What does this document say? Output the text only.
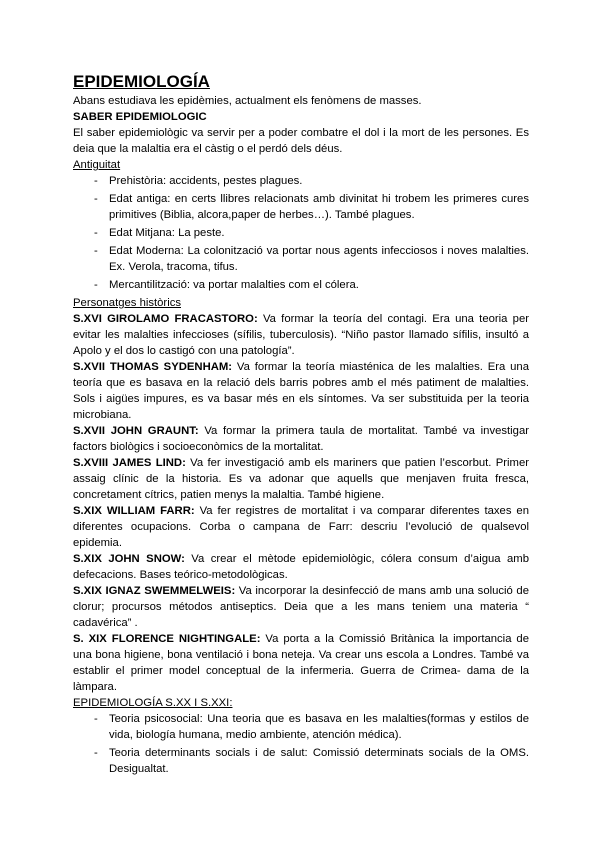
EPIDEMIOLOGÍA

Abans estudiava les epidèmies, actualment els fenòmens de masses.

SABER EPIDEMIOLOGIC

El saber epidemiològic va servir per a poder combatre el dol i la mort de les persones. Es deia que la malaltia era el càstig o el perdó dels déus.

Antiguitat

- Prehistòria: accidents, pestes plagues.
- Edat antiga: en certs llibres relacionats amb divinitat hi trobem les primeres cures primitives (Biblia, alcora,paper de herbes…). També plagues.
- Edat Mitjana: La peste.
- Edat Moderna: La colonització va portar nous agents infecciosos i noves malalties. Ex. Verola, tracoma, tifus.
- Mercantilització: va portar malalties com el cólera.

Personatges històrics

S.XVI GIROLAMO FRACASTORO: Va formar la teoría del contagi. Era una teoria per evitar les malalties infeccioses (sífilis, tuberculosis). “Niño pastor llamado sífilis, insultó a Apolo y el dos lo castigó con una patología”.

S.XVII THOMAS SYDENHAM: Va formar la teoría miasténica de les malalties. Era una teoría que es basava en la relació dels barris pobres amb el més patiment de malalties. Sols i aigües impures, es va basar més en els síntomes. Va ser substituida per la teoria microbiana.

S.XVII JOHN GRAUNT: Va formar la primera taula de mortalitat. També va investigar factors biològics i socioeconòmics de la mortalitat.

S.XVIII JAMES LIND: Va fer investigació amb els mariners que patien l’escorbut. Primer assaig clínic de la historia. Es va adonar que aquells que menjaven fruita fresca, concretament cítrics, patien menys la malaltia. També higiene.

S.XIX WILLIAM FARR: Va fer registres de mortalitat i va comparar diferentes taxes en diferentes ocupacions. Corba o campana de Farr: descriu l’evolució de qualsevol epidemia.

S.XIX JOHN SNOW: Va crear el mètode epidemiològic, cólera consum d’aigua amb defecacions. Bases teórico-metodològicas.

S.XIX IGNAZ SWEMMELWEIS: Va incorporar la desinfecció de mans amb una solució de clorur; procursos métodos antiseptics. Deia que a les mans teniem una materia “ cadavérica” .

S. XIX FLORENCE NIGHTINGALE: Va porta a la Comissió Britànica la importancia de una bona higiene, bona ventilació i bona neteja. Va crear uns escola a Londres. També va establir el primer model conceptual de la infermeria. Guerra de Crimea- dama de la làmpara.

EPIDEMIOLOGÍA S.XX I S.XXI:

- Teoria psicosocial: Una teoria que es basava en les malalties(formas y estilos de vida, biología humana, medio ambiente, atención médica).
- Teoria determinants socials i de salut: Comissió determinats socials de la OMS. Desigualtat.
